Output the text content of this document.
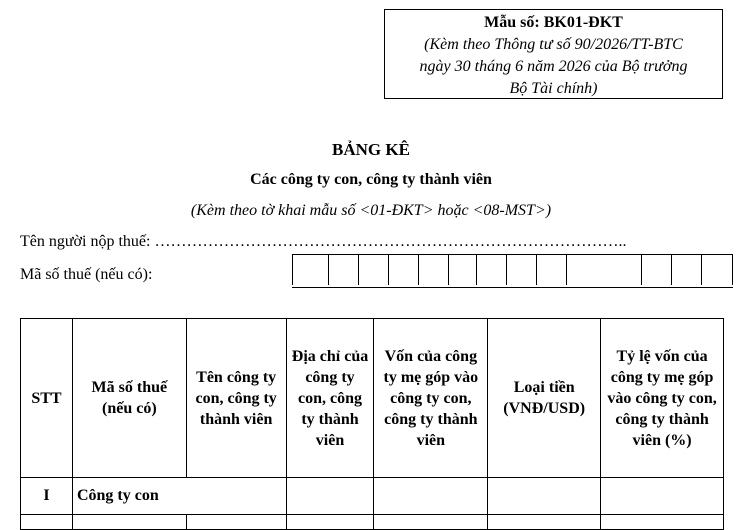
Mẫu số: BK01-ĐKT
(Kèm theo Thông tư số 90/2026/TT-BTC
ngày 30 tháng 6 năm 2026 của Bộ trưởng
Bộ Tài chính)
BẢNG KÊ
Các công ty con, công ty thành viên
(Kèm theo tờ khai mẫu số <01-ĐKT> hoặc <08-MST>)
Tên người nộp thuế: ……………………………………………………………………………..
Mã số thuế (nếu có):
STT	Mã số thuế (nếu có)	Tên công ty con, công ty thành viên	Địa chỉ của công ty con, công ty thành viên	Vốn của công ty mẹ góp vào công ty con, công ty thành viên	Loại tiền (VNĐ/USD)	Tỷ lệ vốn của công ty mẹ góp vào công ty con, công ty thành viên (%)
I	Công ty con					
